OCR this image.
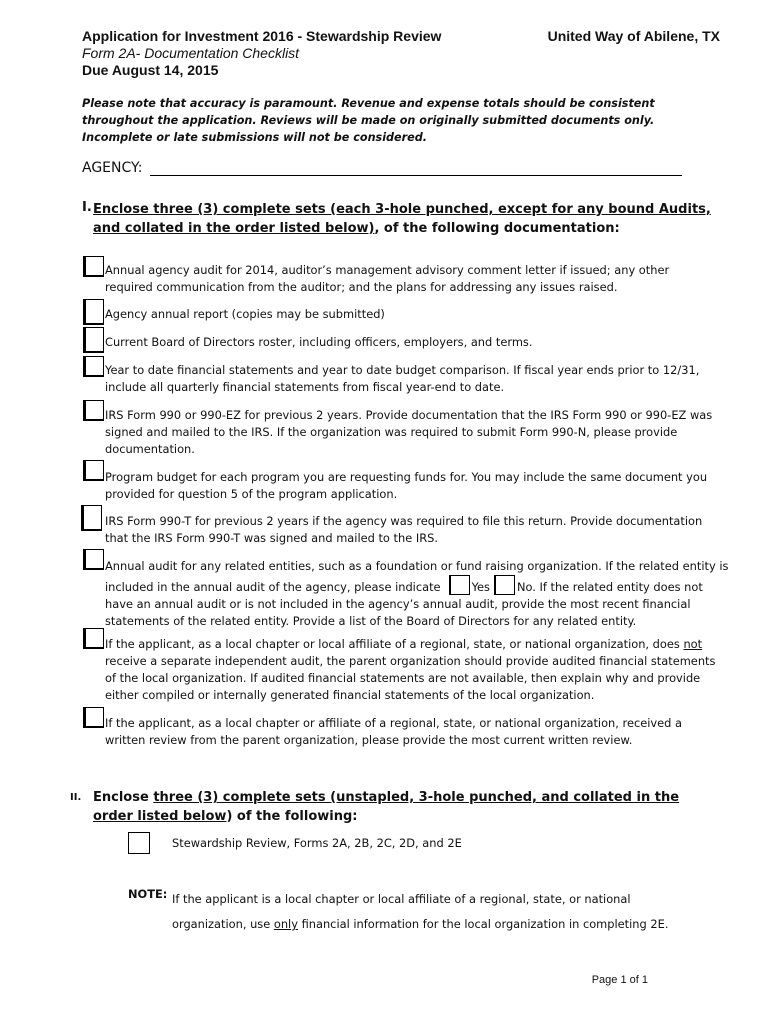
Application for Investment 2016 - Stewardship Review	United Way of Abilene, TX
Form 2A- Documentation Checklist
Due August 14, 2015
Please note that accuracy is paramount. Revenue and expense totals should be consistent throughout the application. Reviews will be made on originally submitted documents only. Incomplete or late submissions will not be considered.
AGENCY:
I. Enclose three (3) complete sets (each 3-hole punched, except for any bound Audits, and collated in the order listed below), of the following documentation:
Annual agency audit for 2014, auditor’s management advisory comment letter if issued; any other required communication from the auditor; and the plans for addressing any issues raised.
Agency annual report (copies may be submitted)
Current Board of Directors roster, including officers, employers, and terms.
Year to date financial statements and year to date budget comparison. If fiscal year ends prior to 12/31, include all quarterly financial statements from fiscal year-end to date.
IRS Form 990 or 990-EZ for previous 2 years. Provide documentation that the IRS Form 990 or 990-EZ was signed and mailed to the IRS. If the organization was required to submit Form 990-N, please provide documentation.
Program budget for each program you are requesting funds for. You may include the same document you provided for question 5 of the program application.
IRS Form 990-T for previous 2 years if the agency was required to file this return. Provide documentation that the IRS Form 990-T was signed and mailed to the IRS.
Annual audit for any related entities, such as a foundation or fund raising organization. If the related entity is included in the annual audit of the agency, please indicate	Yes No. If the related entity does not have an annual audit or is not included in the agency’s annual audit, provide the most recent financial statements of the related entity. Provide a list of the Board of Directors for any related entity.
If the applicant, as a local chapter or local affiliate of a regional, state, or national organization, does not receive a separate independent audit, the parent organization should provide audited financial statements of the local organization. If audited financial statements are not available, then explain why and provide either compiled or internally generated financial statements of the local organization.
If the applicant, as a local chapter or affiliate of a regional, state, or national organization, received a written review from the parent organization, please provide the most current written review.
II. Enclose three (3) complete sets (unstapled, 3-hole punched, and collated in the order listed below) of the following:
Stewardship Review, Forms 2A, 2B, 2C, 2D, and 2E
NOTE: If the applicant is a local chapter or local affiliate of a regional, state, or national organization, use only financial information for the local organization in completing 2E.
Page 1 of 1
